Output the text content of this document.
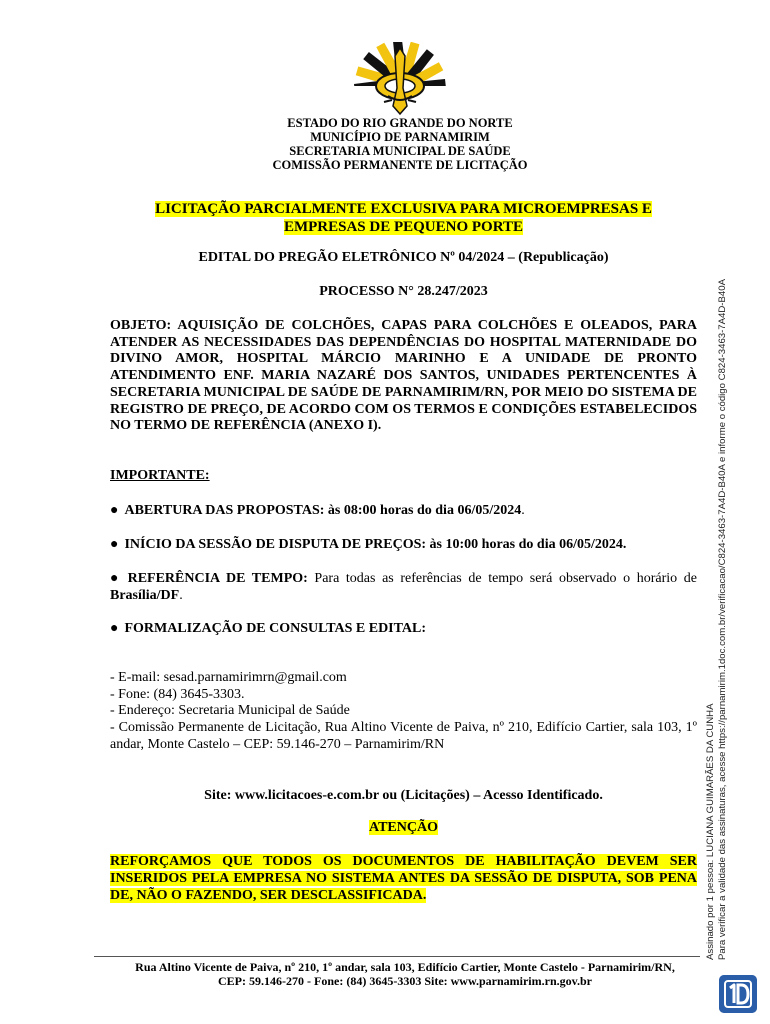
ESTADO DO RIO GRANDE DO NORTE
MUNICÍPIO DE PARNAMIRIM
SECRETARIA MUNICIPAL DE SAÚDE
COMISSÃO PERMANENTE DE LICITAÇÃO
LICITAÇÃO PARCIALMENTE EXCLUSIVA PARA MICROEMPRESAS E
EMPRESAS DE PEQUENO PORTE
EDITAL DO PREGÃO ELETRÔNICO Nº 04/2024 – (Republicação)
PROCESSO N° 28.247/2023
OBJETO: AQUISIÇÃO DE COLCHÕES, CAPAS PARA COLCHÕES E OLEADOS, PARA ATENDER AS NECESSIDADES DAS DEPENDÊNCIAS DO HOSPITAL MATERNIDADE DO DIVINO AMOR, HOSPITAL MÁRCIO MARINHO E A UNIDADE DE PRONTO ATENDIMENTO ENF. MARIA NAZARÉ DOS SANTOS, UNIDADES PERTENCENTES À SECRETARIA MUNICIPAL DE SAÚDE DE PARNAMIRIM/RN, POR MEIO DO SISTEMA DE REGISTRO DE PREÇO, DE ACORDO COM OS TERMOS E CONDIÇÕES ESTABELECIDOS NO TERMO DE REFERÊNCIA (ANEXO I).
IMPORTANTE:
● ABERTURA DAS PROPOSTAS: às 08:00 horas do dia 06/05/2024.
● INÍCIO DA SESSÃO DE DISPUTA DE PREÇOS: às 10:00 horas do dia 06/05/2024.
● REFERÊNCIA DE TEMPO: Para todas as referências de tempo será observado o horário de Brasília/DF.
● FORMALIZAÇÃO DE CONSULTAS E EDITAL:
- E-mail: sesad.parnamirimrn@gmail.com
- Fone: (84) 3645-3303.
- Endereço: Secretaria Municipal de Saúde
- Comissão Permanente de Licitação, Rua Altino Vicente de Paiva, nº 210, Edifício Cartier, sala 103, 1º andar, Monte Castelo – CEP: 59.146-270 – Parnamirim/RN
Site: www.licitacoes-e.com.br ou (Licitações) – Acesso Identificado.
ATENÇÃO
REFORÇAMOS QUE TODOS OS DOCUMENTOS DE HABILITAÇÃO DEVEM SER INSERIDOS PELA EMPRESA NO SISTEMA ANTES DA SESSÃO DE DISPUTA, SOB PENA DE, NÃO O FAZENDO, SER DESCLASSIFICADA.
Rua Altino Vicente de Paiva, nº 210, 1º andar, sala 103, Edifício Cartier, Monte Castelo - Parnamirim/RN,
CEP: 59.146-270 - Fone: (84) 3645-3303 Site: www.parnamirim.rn.gov.br
Assinado por 1 pessoa: LUCIANA GUIMARÃES DA CUNHA Para verificar a validade das assinaturas, acesse https://parnamirim.1doc.com.br/verificacao/C824-3463-7A4D-B40A e informe o código C824-3463-7A4D-B40A
